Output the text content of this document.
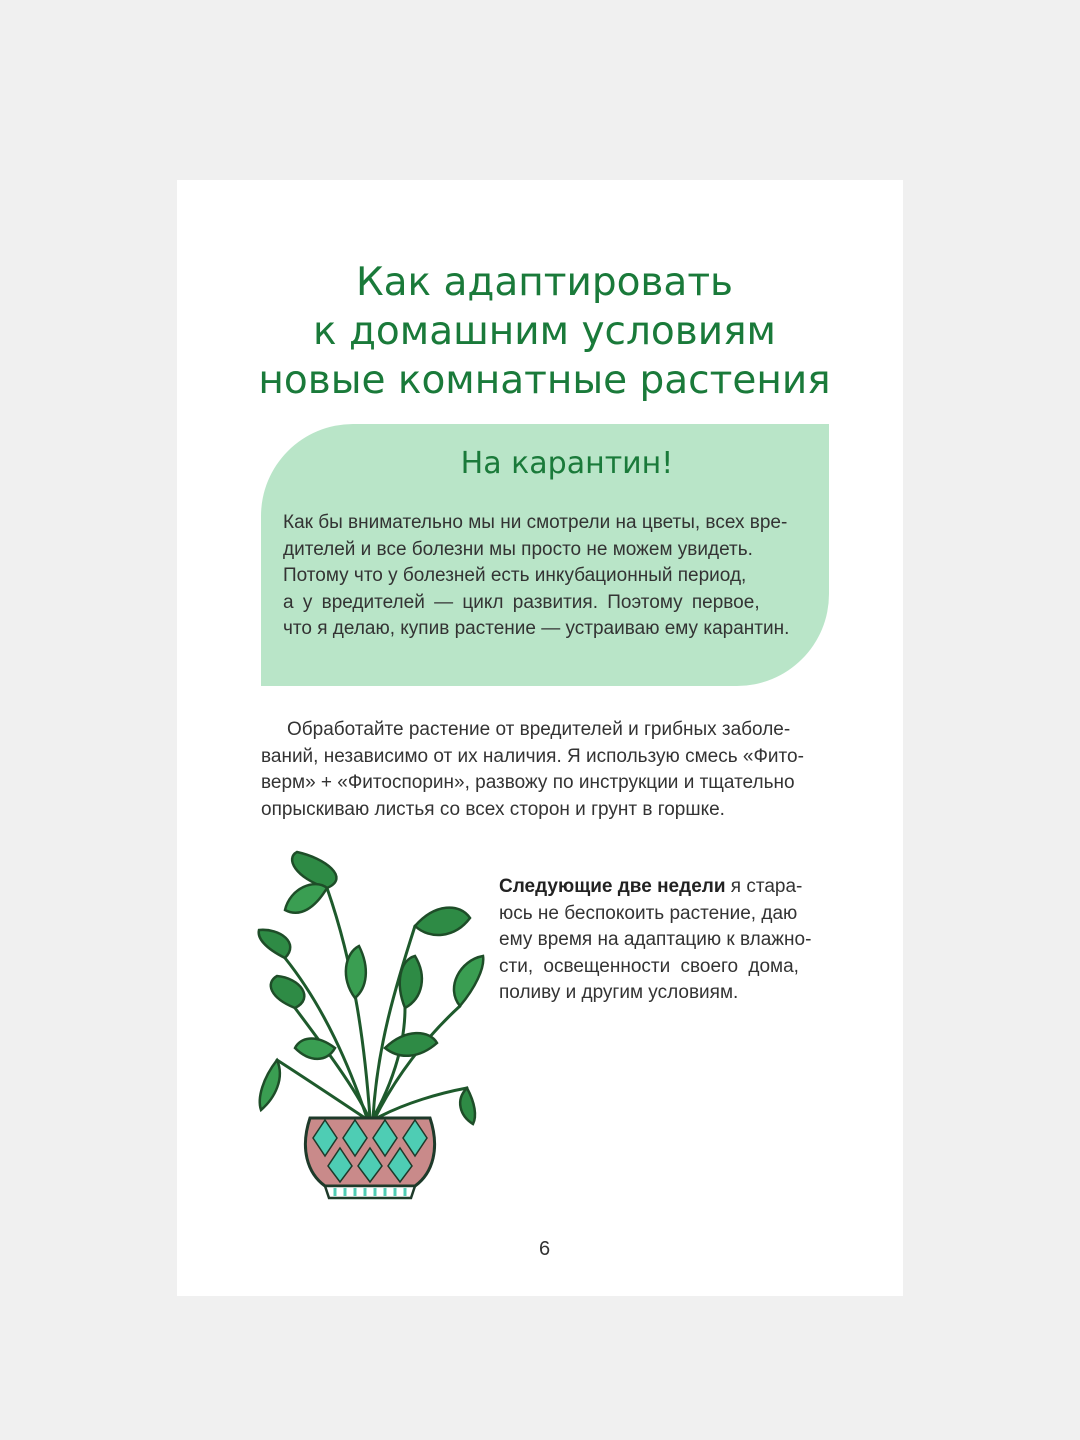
Как адаптировать
к домашним условиям
новые комнатные растения
На карантин!
Как бы внимательно мы ни смотрели на цветы, всех вре-
дителей и все болезни мы просто не можем увидеть.
Потому что у болезней есть инкубационный период,
а у вредителей — цикл развития. Поэтому первое,
что я делаю, купив растение — устраиваю ему карантин.
Обработайте растение от вредителей и грибных заболе-
ваний, независимо от их наличия. Я использую смесь «Фито-
верм» + «Фитоспорин», развожу по инструкции и тщательно
опрыскиваю листья со всех сторон и грунт в горшке.
Следующие две недели я стара-
юсь не беспокоить растение, даю
ему время на адаптацию к влажно-
сти, освещенности своего дома,
поливу и другим условиям.
6
